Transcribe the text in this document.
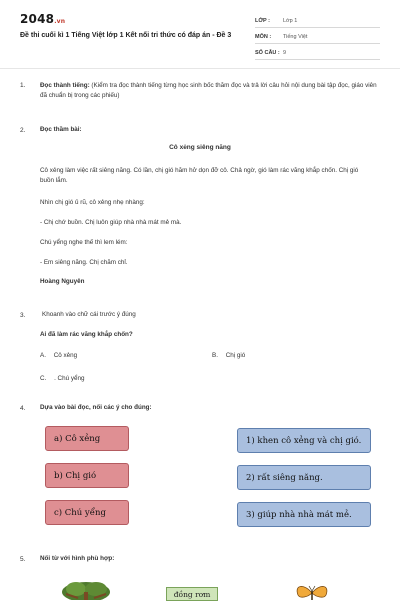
2048.vn
Đề thi cuối kì 1 Tiếng Việt lớp 1 Kết nối tri thức có đáp án - Đề 3
LỚP :	Lớp 1
MÔN :	Tiếng Việt
SỐ CÂU : 9
1. Đọc thành tiếng: (Kiểm tra đọc thành tiếng từng học sinh bốc thăm đọc và trả lời câu hỏi nội dung bài tập đọc, giáo viên đã chuẩn bị trong các phiếu)
2. Đọc thầm bài:
Cô xẻng siêng năng
Cô xẻng làm việc rất siêng năng. Có lần, chị gió hăm hở dọn đỡ cô. Chả ngờ, gió làm rác văng khắp chốn. Chị gió buồn lắm.
Nhìn chị gió ủ rũ, cô xẻng nhẹ nhàng:
- Chị chớ buồn. Chị luôn giúp nhà nhà mát mẻ mà.
Chú yểng nghe thế thì lem lém:
- Em siêng năng. Chị chăm chỉ.
Hoàng Nguyên
3.	Khoanh vào chữ cái trước ý đúng
Ai đã làm rác văng khắp chốn?
A. Cô xẻng	B. Chị gió
C. . Chú yểng
4. Dựa vào bài đọc, nối các ý cho đúng:
a) Cô xẻng
b) Chị gió
c) Chú yểng
1) khen cô xẻng và chị gió.
2) rất siêng năng.
3) giúp nhà nhà mát mẻ.
5. Nối từ với hình phù hợp:
đồng rơm
